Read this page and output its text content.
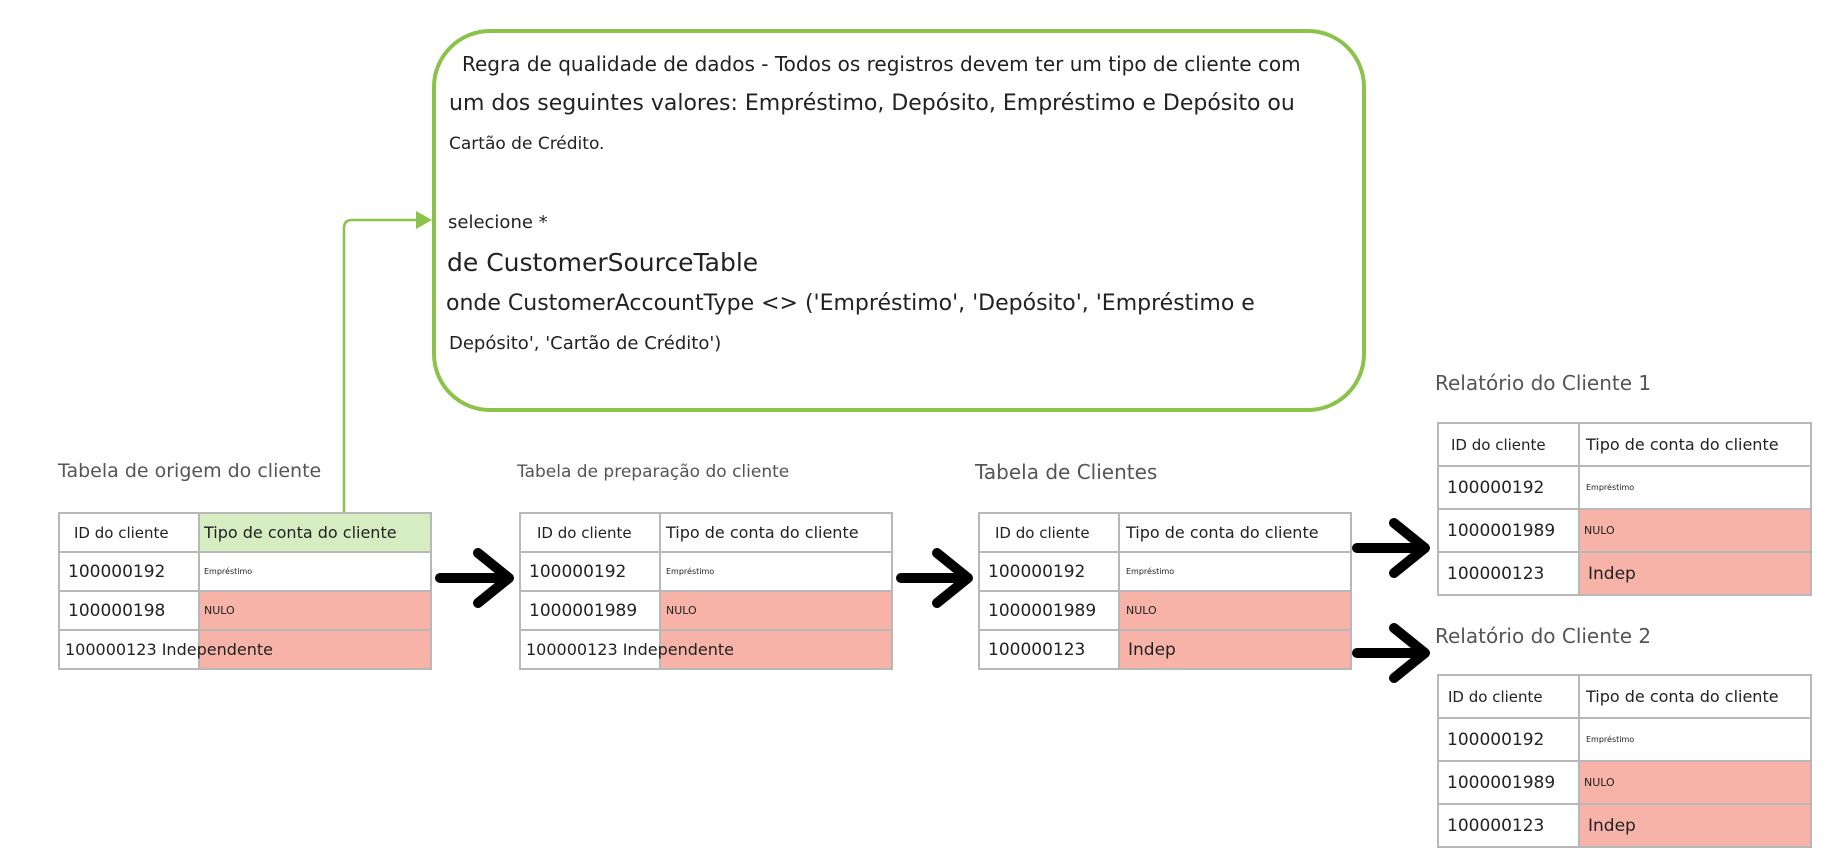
Regra de qualidade de dados - Todos os registros devem ter um tipo de cliente com
um dos seguintes valores: Empréstimo, Depósito, Empréstimo e Depósito ou
Cartão de Crédito.
selecione *
de CustomerSourceTable
onde CustomerAccountType <> ('Empréstimo', 'Depósito', 'Empréstimo e
Depósito', 'Cartão de Crédito')
Tabela de origem do cliente
ID do cliente	Tipo de conta do cliente
100000192	Empréstimo
100000198	NULO
100000123 Independente	
Tabela de preparação do cliente
ID do cliente	Tipo de conta do cliente
100000192	Empréstimo
1000001989	NULO
100000123 Independente	
Tabela de Clientes
ID do cliente	Tipo de conta do cliente
100000192	Empréstimo
1000001989	NULO
100000123	Indep
Relatório do Cliente 1
ID do cliente	Tipo de conta do cliente
100000192	Empréstimo
1000001989	NULO
100000123	Indep
Relatório do Cliente 2
ID do cliente	Tipo de conta do cliente
100000192	Empréstimo
1000001989	NULO
100000123	Indep
